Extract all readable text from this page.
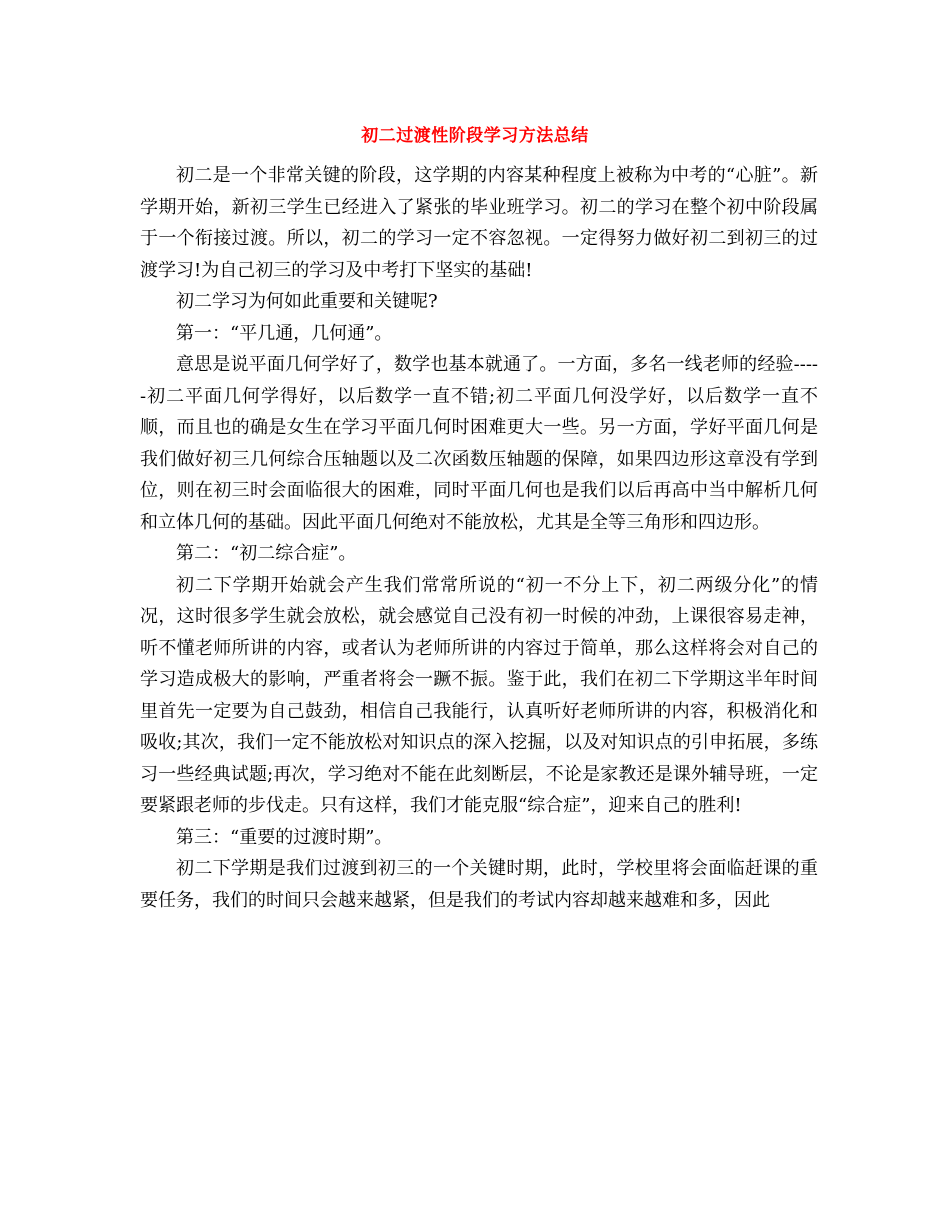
初二过渡性阶段学习方法总结

初二是一个非常关键的阶段，这学期的内容某种程度上被称为中考的“心脏”。新学期开始，新初三学生已经进入了紧张的毕业班学习。初二的学习在整个初中阶段属于一个衔接过渡。所以，初二的学习一定不容忽视。一定得努力做好初二到初三的过渡学习!为自己初三的学习及中考打下坚实的基础!

初二学习为何如此重要和关键呢?

第一：“平几通，几何通”。

意思是说平面几何学好了，数学也基本就通了。一方面，多名一线老师的经验-----初二平面几何学得好，以后数学一直不错;初二平面几何没学好，以后数学一直不顺，而且也的确是女生在学习平面几何时困难更大一些。另一方面，学好平面几何是我们做好初三几何综合压轴题以及二次函数压轴题的保障，如果四边形这章没有学到位，则在初三时会面临很大的困难，同时平面几何也是我们以后再高中当中解析几何和立体几何的基础。因此平面几何绝对不能放松，尤其是全等三角形和四边形。

第二：“初二综合症”。

初二下学期开始就会产生我们常常所说的“初一不分上下，初二两级分化”的情况，这时很多学生就会放松，就会感觉自己没有初一时候的冲劲，上课很容易走神，听不懂老师所讲的内容，或者认为老师所讲的内容过于简单，那么这样将会对自己的学习造成极大的影响，严重者将会一蹶不振。鉴于此，我们在初二下学期这半年时间里首先一定要为自己鼓劲，相信自己我能行，认真听好老师所讲的内容，积极消化和吸收;其次，我们一定不能放松对知识点的深入挖掘，以及对知识点的引申拓展，多练习一些经典试题;再次，学习绝对不能在此刻断层，不论是家教还是课外辅导班，一定要紧跟老师的步伐走。只有这样，我们才能克服“综合症”，迎来自己的胜利!

第三：“重要的过渡时期”。

初二下学期是我们过渡到初三的一个关键时期，此时，学校里将会面临赶课的重要任务，我们的时间只会越来越紧，但是我们的考试内容却越来越难和多，因此
